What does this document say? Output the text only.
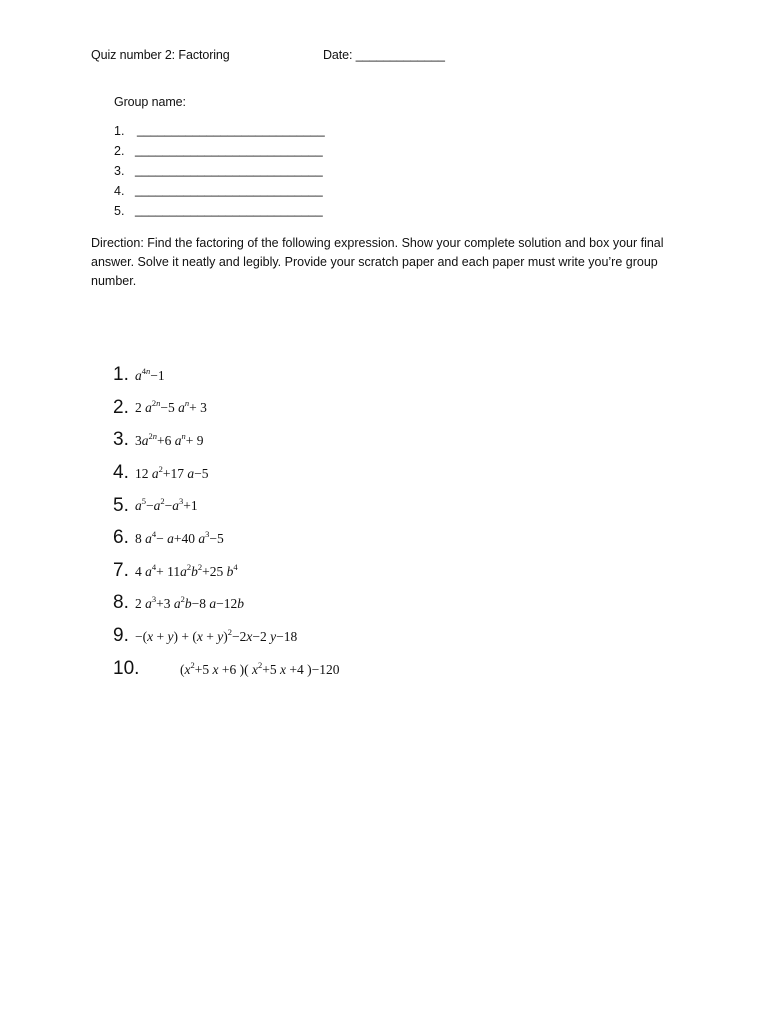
Quiz number 2: Factoring	Date: _____________
Group name:
1.	___________________________
2. ___________________________
3. ___________________________
4. ___________________________
5. ___________________________
Direction: Find the factoring of the following expression. Show your complete solution and box your final answer. Solve it neatly and legibly. Provide your scratch paper and each paper must write you’re group number.
1. $a^{4n}-1$
2. 2 $a^{2n}-5$ $a^n+ 3$
3. $3a^{2n}+6$ $a^n+ 9$
4. 12 $a^2+17$ a−5
5. $a^5-a^2-a^3+1$
6. 8 $a^4- a+40$ $a^3-5$
7. 4 $a^4+ 11a^2b^2+25$ $b^4$
8. 2 $a^3+3$ $a^2b-8$ a−12b
9. $-(x + y) + (x + y)^2-2x-2$ y−18
10.	($x^2+5$ x +6 )( $x^2+5$ x +4 )−120
